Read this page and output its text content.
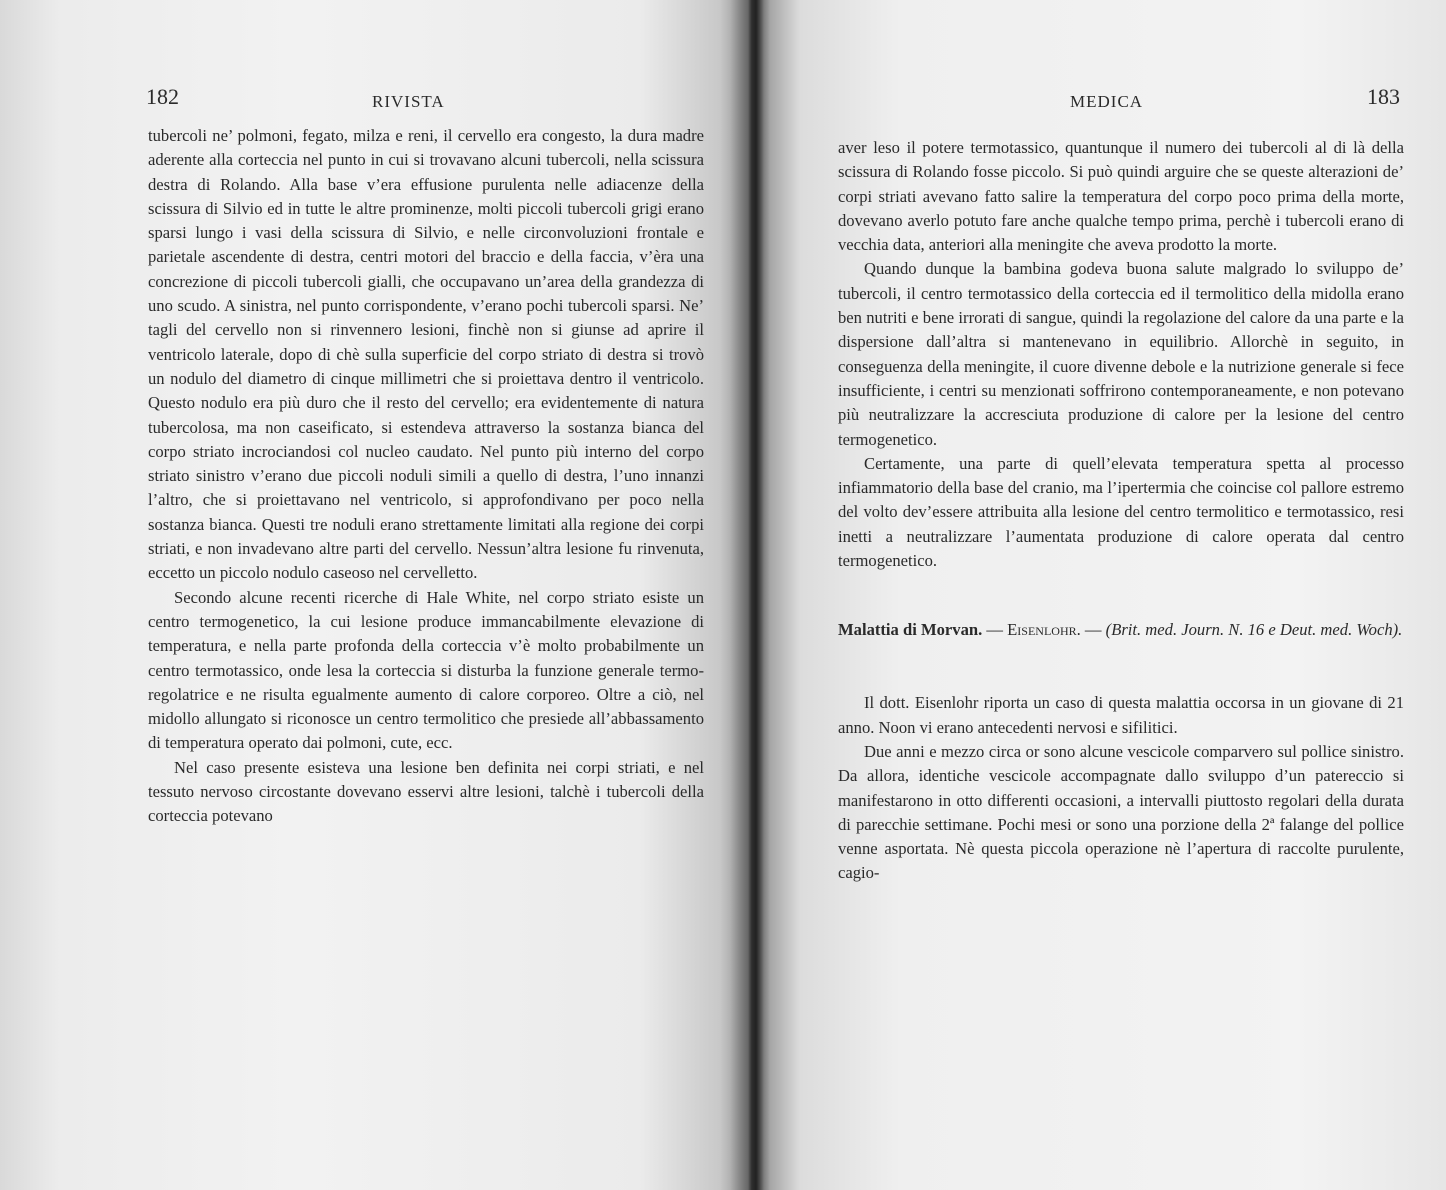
182	RIVISTA

tubercoli ne’ polmoni, fegato, milza e reni, il cervello era congesto, la dura madre aderente alla corteccia nel punto in cui si trovavano alcuni tubercoli, nella scissura destra di Rolando. Alla base v’era effusione purulenta nelle adiacenze della scissura di Silvio ed in tutte le altre prominenze, molti piccoli tubercoli grigi erano sparsi lungo i vasi della scissura di Silvio, e nelle circonvoluzioni frontale e parietale ascendente di destra, centri motori del braccio e della faccia, v’èra una concrezione di piccoli tubercoli gialli, che occupavano un’area della grandezza di uno scudo. A sinistra, nel punto corrispondente, v’erano pochi tubercoli sparsi. Ne’ tagli del cervello non si rinvennero lesioni, finchè non si giunse ad aprire il ventricolo laterale, dopo di chè sulla superficie del corpo striato di destra si trovò un nodulo del diametro di cinque millimetri che si proiettava dentro il ventricolo. Questo nodulo era più duro che il resto del cervello; era evidentemente di natura tubercolosa, ma non caseificato, si estendeva attraverso la sostanza bianca del corpo striato incrociandosi col nucleo caudato. Nel punto più interno del corpo striato sinistro v’erano due piccoli noduli simili a quello di destra, l’uno innanzi l’altro, che si proiettavano nel ventricolo, si approfondivano per poco nella sostanza bianca. Questi tre noduli erano strettamente limitati alla regione dei corpi striati, e non invadevano altre parti del cervello. Nessun’altra lesione fu rinvenuta, eccetto un piccolo nodulo caseoso nel cervelletto.

Secondo alcune recenti ricerche di Hale White, nel corpo striato esiste un centro termogenetico, la cui lesione produce immancabilmente elevazione di temperatura, e nella parte profonda della corteccia v’è molto probabilmente un centro termotassico, onde lesa la corteccia si disturba la funzione generale termo-regolatrice e ne risulta egualmente aumento di calore corporeo. Oltre a ciò, nel midollo allungato si riconosce un centro termolitico che presiede all’abbassamento di temperatura operato dai polmoni, cute, ecc.

Nel caso presente esisteva una lesione ben definita nei corpi striati, e nel tessuto nervoso circostante dovevano esservi altre lesioni, talchè i tubercoli della corteccia potevano

MEDICA	183

aver leso il potere termotassico, quantunque il numero dei tubercoli al di là della scissura di Rolando fosse piccolo. Si può quindi arguire che se queste alterazioni de’ corpi striati avevano fatto salire la temperatura del corpo poco prima della morte, dovevano averlo potuto fare anche qualche tempo prima, perchè i tubercoli erano di vecchia data, anteriori alla meningite che aveva prodotto la morte.

Quando dunque la bambina godeva buona salute malgrado lo sviluppo de’ tubercoli, il centro termotassico della corteccia ed il termolitico della midolla erano ben nutriti e bene irrorati di sangue, quindi la regolazione del calore da una parte e la dispersione dall’altra si mantenevano in equilibrio. Allorchè in seguito, in conseguenza della meningite, il cuore divenne debole e la nutrizione generale si fece insufficiente, i centri su menzionati soffrirono contemporaneamente, e non potevano più neutralizzare la accresciuta produzione di calore per la lesione del centro termogenetico.

Certamente, una parte di quell’elevata temperatura spetta al processo infiammatorio della base del cranio, ma l’ipertermia che coincise col pallore estremo del volto dev’essere attribuita alla lesione del centro termolitico e termotassico, resi inetti a neutralizzare l’aumentata produzione di calore operata dal centro termogenetico.

Malattia di Morvan. — Eisenlohr. — (Brit. med. Journ. N. 16 e Deut. med. Woch).

Il dott. Eisenlohr riporta un caso di questa malattia occorsa in un giovane di 21 anno. Noon vi erano antecedenti nervosi e sifilitici.

Due anni e mezzo circa or sono alcune vescicole comparvero sul pollice sinistro. Da allora, identiche vescicole accompagnate dallo sviluppo d’un patereccio si manifestarono in otto differenti occasioni, a intervalli piuttosto regolari della durata di parecchie settimane. Pochi mesi or sono una porzione della 2ª falange del pollice venne asportata. Nè questa piccola operazione nè l’apertura di raccolte purulente, cagio-
